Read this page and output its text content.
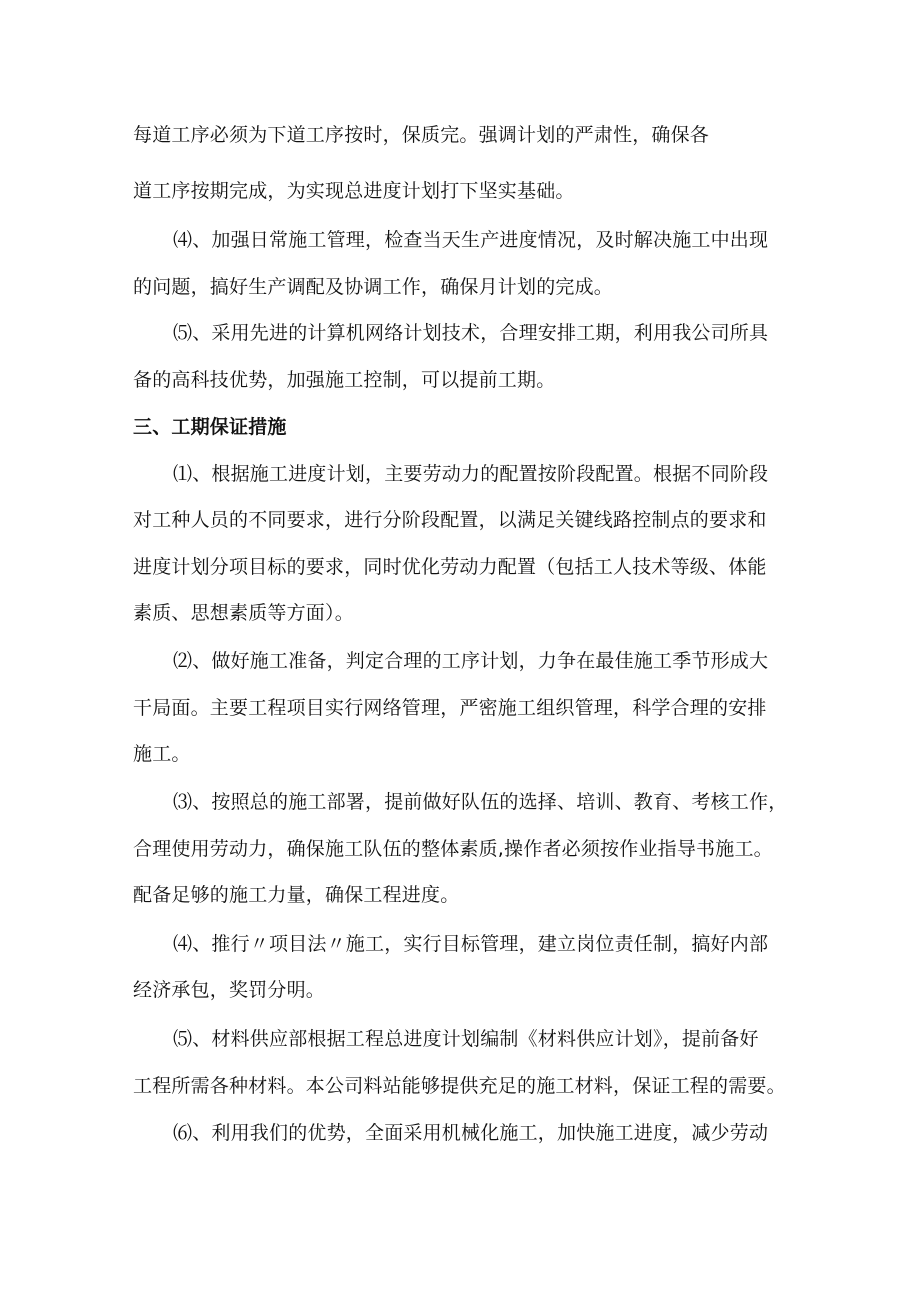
每道工序必须为下道工序按时，保质完。强调计划的严肃性，确保各
道工序按期完成，为实现总进度计划打下坚实基础。
⑷、加强日常施工管理，检查当天生产进度情况，及时解决施工中出现
的问题，搞好生产调配及协调工作，确保月计划的完成。
⑸、采用先进的计算机网络计划技术，合理安排工期，利用我公司所具
备的高科技优势，加强施工控制，可以提前工期。
三、工期保证措施
⑴、根据施工进度计划，主要劳动力的配置按阶段配置。根据不同阶段
对工种人员的不同要求，进行分阶段配置，以满足关键线路控制点的要求和
进度计划分项目标的要求，同时优化劳动力配置（包括工人技术等级、体能
素质、思想素质等方面）。
⑵、做好施工准备，判定合理的工序计划，力争在最佳施工季节形成大
干局面。主要工程项目实行网络管理，严密施工组织管理，科学合理的安排
施工。
⑶、按照总的施工部署，提前做好队伍的选择、培训、教育、考核工作，
合理使用劳动力，确保施工队伍的整体素质,操作者必须按作业指导书施工。
配备足够的施工力量，确保工程进度。
⑷、推行〃项目法〃施工，实行目标管理，建立岗位责任制，搞好内部
经济承包，奖罚分明。
⑸、材料供应部根据工程总进度计划编制《材料供应计划》，提前备好
工程所需各种材料。本公司料站能够提供充足的施工材料，保证工程的需要。
⑹、利用我们的优势，全面采用机械化施工，加快施工进度，减少劳动
